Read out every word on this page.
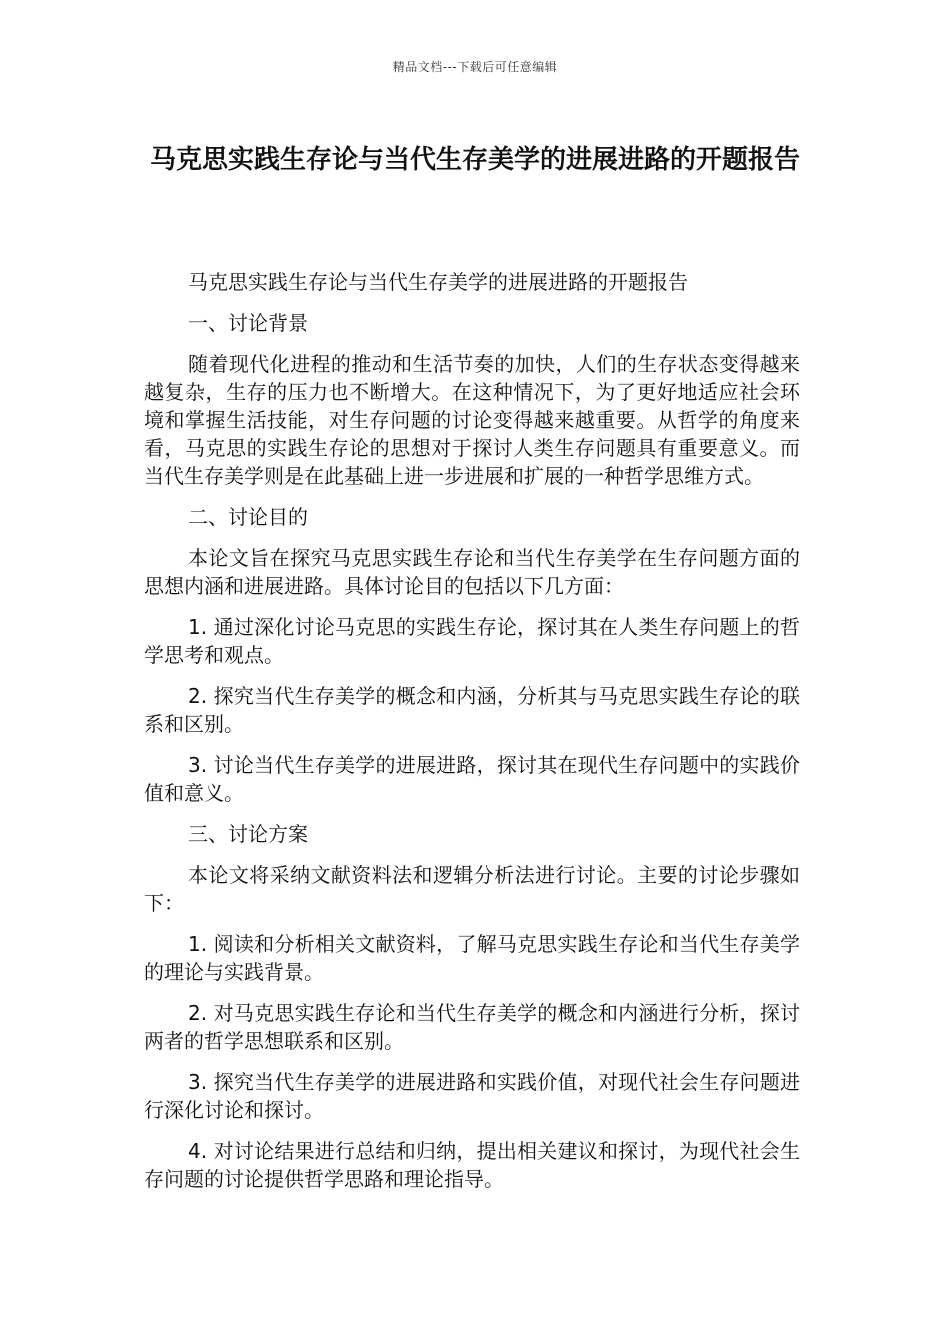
精品文档---下载后可任意编辑
马克思实践生存论与当代生存美学的进展进路的开题报告

马克思实践生存论与当代生存美学的进展进路的开题报告

一、讨论背景

随着现代化进程的推动和生活节奏的加快，人们的生存状态变得越来越复杂，生存的压力也不断增大。在这种情况下，为了更好地适应社会环境和掌握生活技能，对生存问题的讨论变得越来越重要。从哲学的角度来看，马克思的实践生存论的思想对于探讨人类生存问题具有重要意义。而当代生存美学则是在此基础上进一步进展和扩展的一种哲学思维方式。

二、讨论目的

本论文旨在探究马克思实践生存论和当代生存美学在生存问题方面的思想内涵和进展进路。具体讨论目的包括以下几方面：

1. 通过深化讨论马克思的实践生存论，探讨其在人类生存问题上的哲学思考和观点。

2. 探究当代生存美学的概念和内涵，分析其与马克思实践生存论的联系和区别。

3. 讨论当代生存美学的进展进路，探讨其在现代生存问题中的实践价值和意义。

三、讨论方案

本论文将采纳文献资料法和逻辑分析法进行讨论。主要的讨论步骤如下：

1. 阅读和分析相关文献资料，了解马克思实践生存论和当代生存美学的理论与实践背景。

2. 对马克思实践生存论和当代生存美学的概念和内涵进行分析，探讨两者的哲学思想联系和区别。

3. 探究当代生存美学的进展进路和实践价值，对现代社会生存问题进行深化讨论和探讨。

4. 对讨论结果进行总结和归纳，提出相关建议和探讨，为现代社会生存问题的讨论提供哲学思路和理论指导。
